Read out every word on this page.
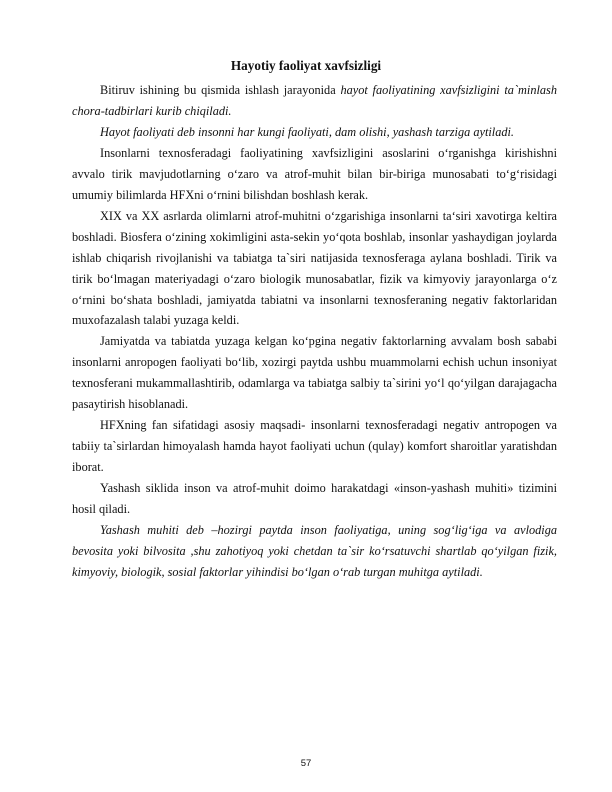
Hayotiy faoliyat xavfsizligi

Bitiruv ishining bu qismida ishlash jarayonida hayot faoliyatining xavfsizligini ta`minlash chora-tadbirlari kurib chiqiladi.

Hayot faoliyati deb insonni har kungi faoliyati, dam olishi, yashash tarziga aytiladi.

Insonlarni texnosferadagi faoliyatining xavfsizligini asoslarini o‘rganishga kirishishni avvalo tirik mavjudotlarning o‘zaro va atrof-muhit bilan bir-biriga munosabati to‘g‘risidagi umumiy bilimlarda HFXni o‘rnini bilishdan boshlash kerak.

XIX va XX asrlarda olimlarni atrof-muhitni o‘zgarishiga insonlarni ta‘siri xavotirga keltira boshladi. Biosfera o‘zining xokimligini asta-sekin yo‘qota boshlab, insonlar yashaydigan joylarda ishlab chiqarish rivojlanishi va tabiatga ta`siri natijasida texnosferaga aylana boshladi. Tirik va tirik bo‘lmagan materiyadagi o‘zaro biologik munosabatlar, fizik va kimyoviy jarayonlarga o‘z o‘rnini bo‘shata boshladi, jamiyatda tabiatni va insonlarni texnosferaning negativ faktorlaridan muxofazalash talabi yuzaga keldi.

Jamiyatda va tabiatda yuzaga kelgan ko‘pgina negativ faktorlarning avvalam bosh sababi insonlarni anropogen faoliyati bo‘lib, xozirgi paytda ushbu muammolarni echish uchun insoniyat texnosferani mukammallashtirib, odamlarga va tabiatga salbiy ta`sirini yo‘l qo‘yilgan darajagacha pasaytirish hisoblanadi.

HFXning fan sifatidagi asosiy maqsadi- insonlarni texnosferadagi negativ antropogen va tabiiy ta`sirlardan himoyalash hamda hayot faoliyati uchun (qulay) komfort sharoitlar yaratishdan iborat.

Yashash siklida inson va atrof-muhit doimo harakatdagi «inson-yashash muhiti» tizimini hosil qiladi.

Yashash muhiti deb –hozirgi paytda inson faoliyatiga, uning sog‘lig‘iga va avlodiga bevosita yoki bilvosita ,shu zahotiyoq yoki chetdan ta`sir ko‘rsatuvchi shartlab qo‘yilgan fizik, kimyoviy, biologik, sosial faktorlar yihindisi bo‘lgan o‘rab turgan muhitga aytiladi.

57
